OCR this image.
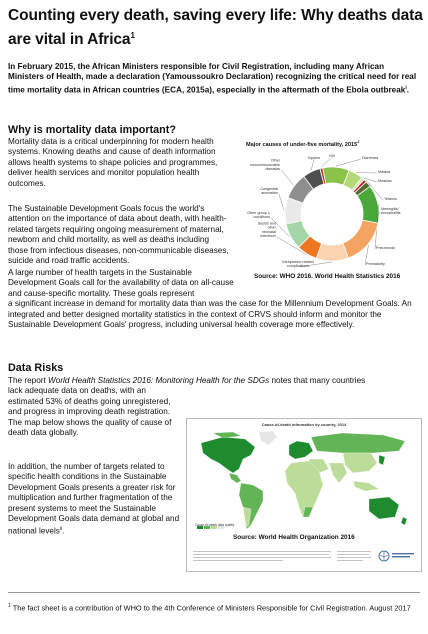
Counting every death, saving every life: Why deaths data are vital in Africa$^1$
In February 2015, the African Ministers responsible for Civil Registration, including many African Ministers of Health, made a declaration (Yamoussoukro Declaration) recognizing the critical need for real time mortality data in African countries (ECA, 2015a), especially in the aftermath of the Ebola outbreak$^i$.
Why is mortality data important?
Mortality data is a critical underpinning for modern health systems. Knowing deaths and cause of death information allows health systems to shape policies and programmes, deliver health services and monitor population health outcomes.
The Sustainable Development Goals focus the world's attention on the importance of data about death, with health-related targets requiring ongoing measurement of maternal, newborn and child mortality, as well as deaths including those from infectious diseases, non-communicable diseases, suicide and road traffic accidents.
A large number of health targets in the Sustainable Development Goals call for the availability of data on all-cause and cause-specific mortality. These goals represent
a significant increase in demand for mortality data than was the case for the Millennium Development Goals. An integrated and better designed mortality statistics in the context of CRVS should inform and monitor the Sustainable Development Goals' progress, including universal health coverage more effectively.
Major causes of under-five mortality, 2015$^2$
HIV	Diarrhoea
Malaria
Measles
Tetanus
Meningitis/ encephalitis
Pneumonia
Prematurity
Intrapartum-related complications
Sepsis and other neonatal infections
Other group 1 conditions
Congenital anomalies
Other noncommunicable diseases
Injuries
Source: WHO 2016. World Health Statistics 2016
Data Risks
The report World Health Statistics 2016: Monitoring Health for the SDGs notes that many countries
lack adequate data on deaths, with an estimated 53% of deaths going unregistered, and progress in improving death registration. The map below shows the quality of cause of death data globally.
In addition, the number of targets related to specific health conditions in the Sustainable Development Goals presents a greater risk for multiplication and further fragmentation of the present systems to meet the Sustainable Development Goals data demand at global and national levels$^{ii}$.
Cause-of-death information by country, 2014
Cause-of-death data quality
Source: World Health Organization 2016
$^1$ The fact sheet is a contribution of WHO to the 4th Conference of Ministers Responsible for Civil Registration. August 2017
